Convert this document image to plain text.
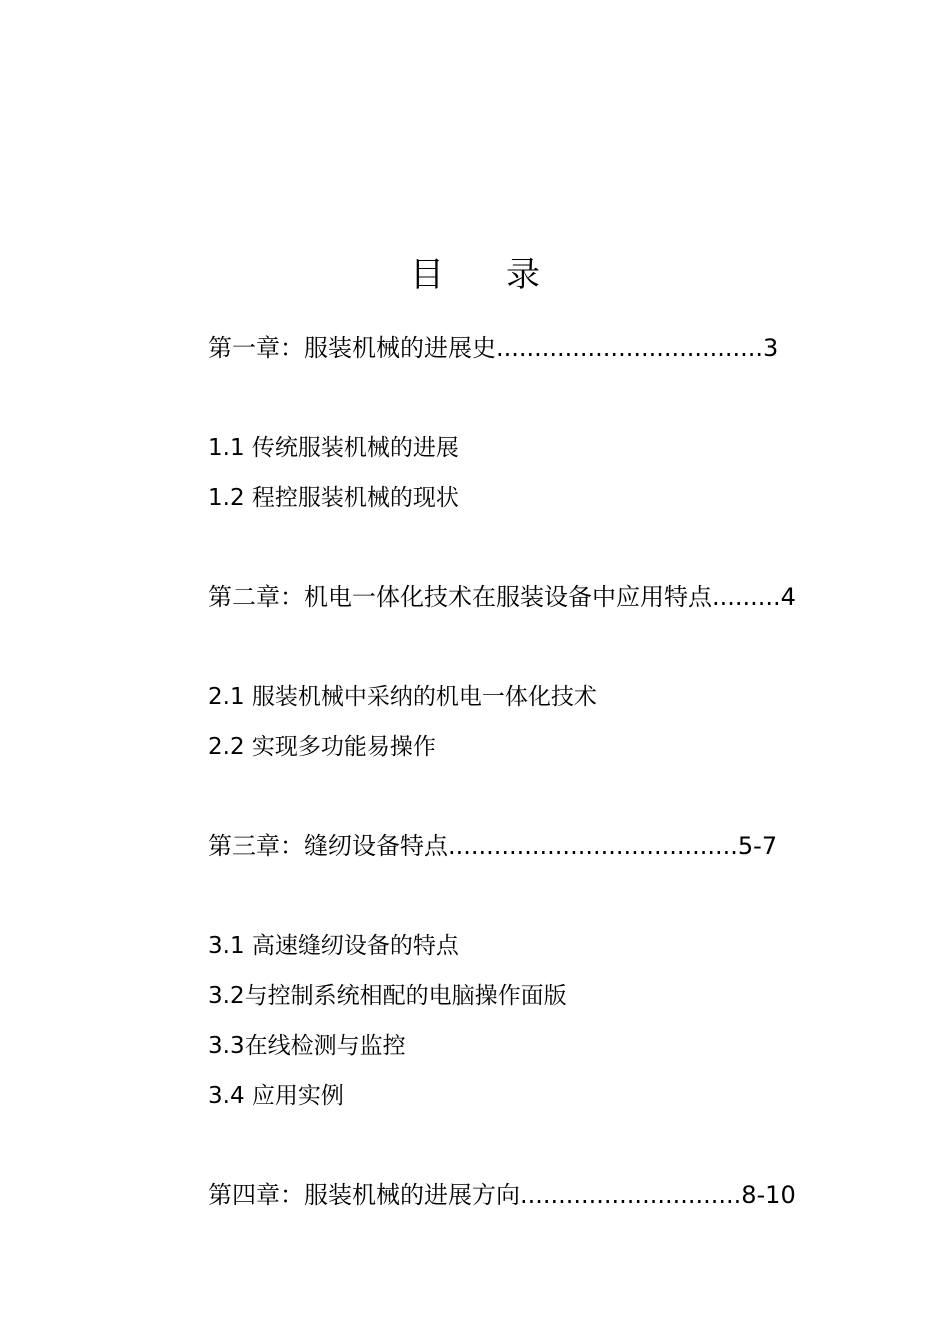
目 录
第一章：服装机械的进展史...................................3
1.1 传统服装机械的进展
1.2 程控服装机械的现状
第二章：机电一体化技术在服装设备中应用特点.........4
2.1 服装机械中采纳的机电一体化技术
2.2 实现多功能易操作
第三章：缝纫设备特点......................................5-7
3.1 高速缝纫设备的特点
3.2与控制系统相配的电脑操作面版
3.3在线检测与监控
3.4 应用实例
第四章：服装机械的进展方向.............................8-10
